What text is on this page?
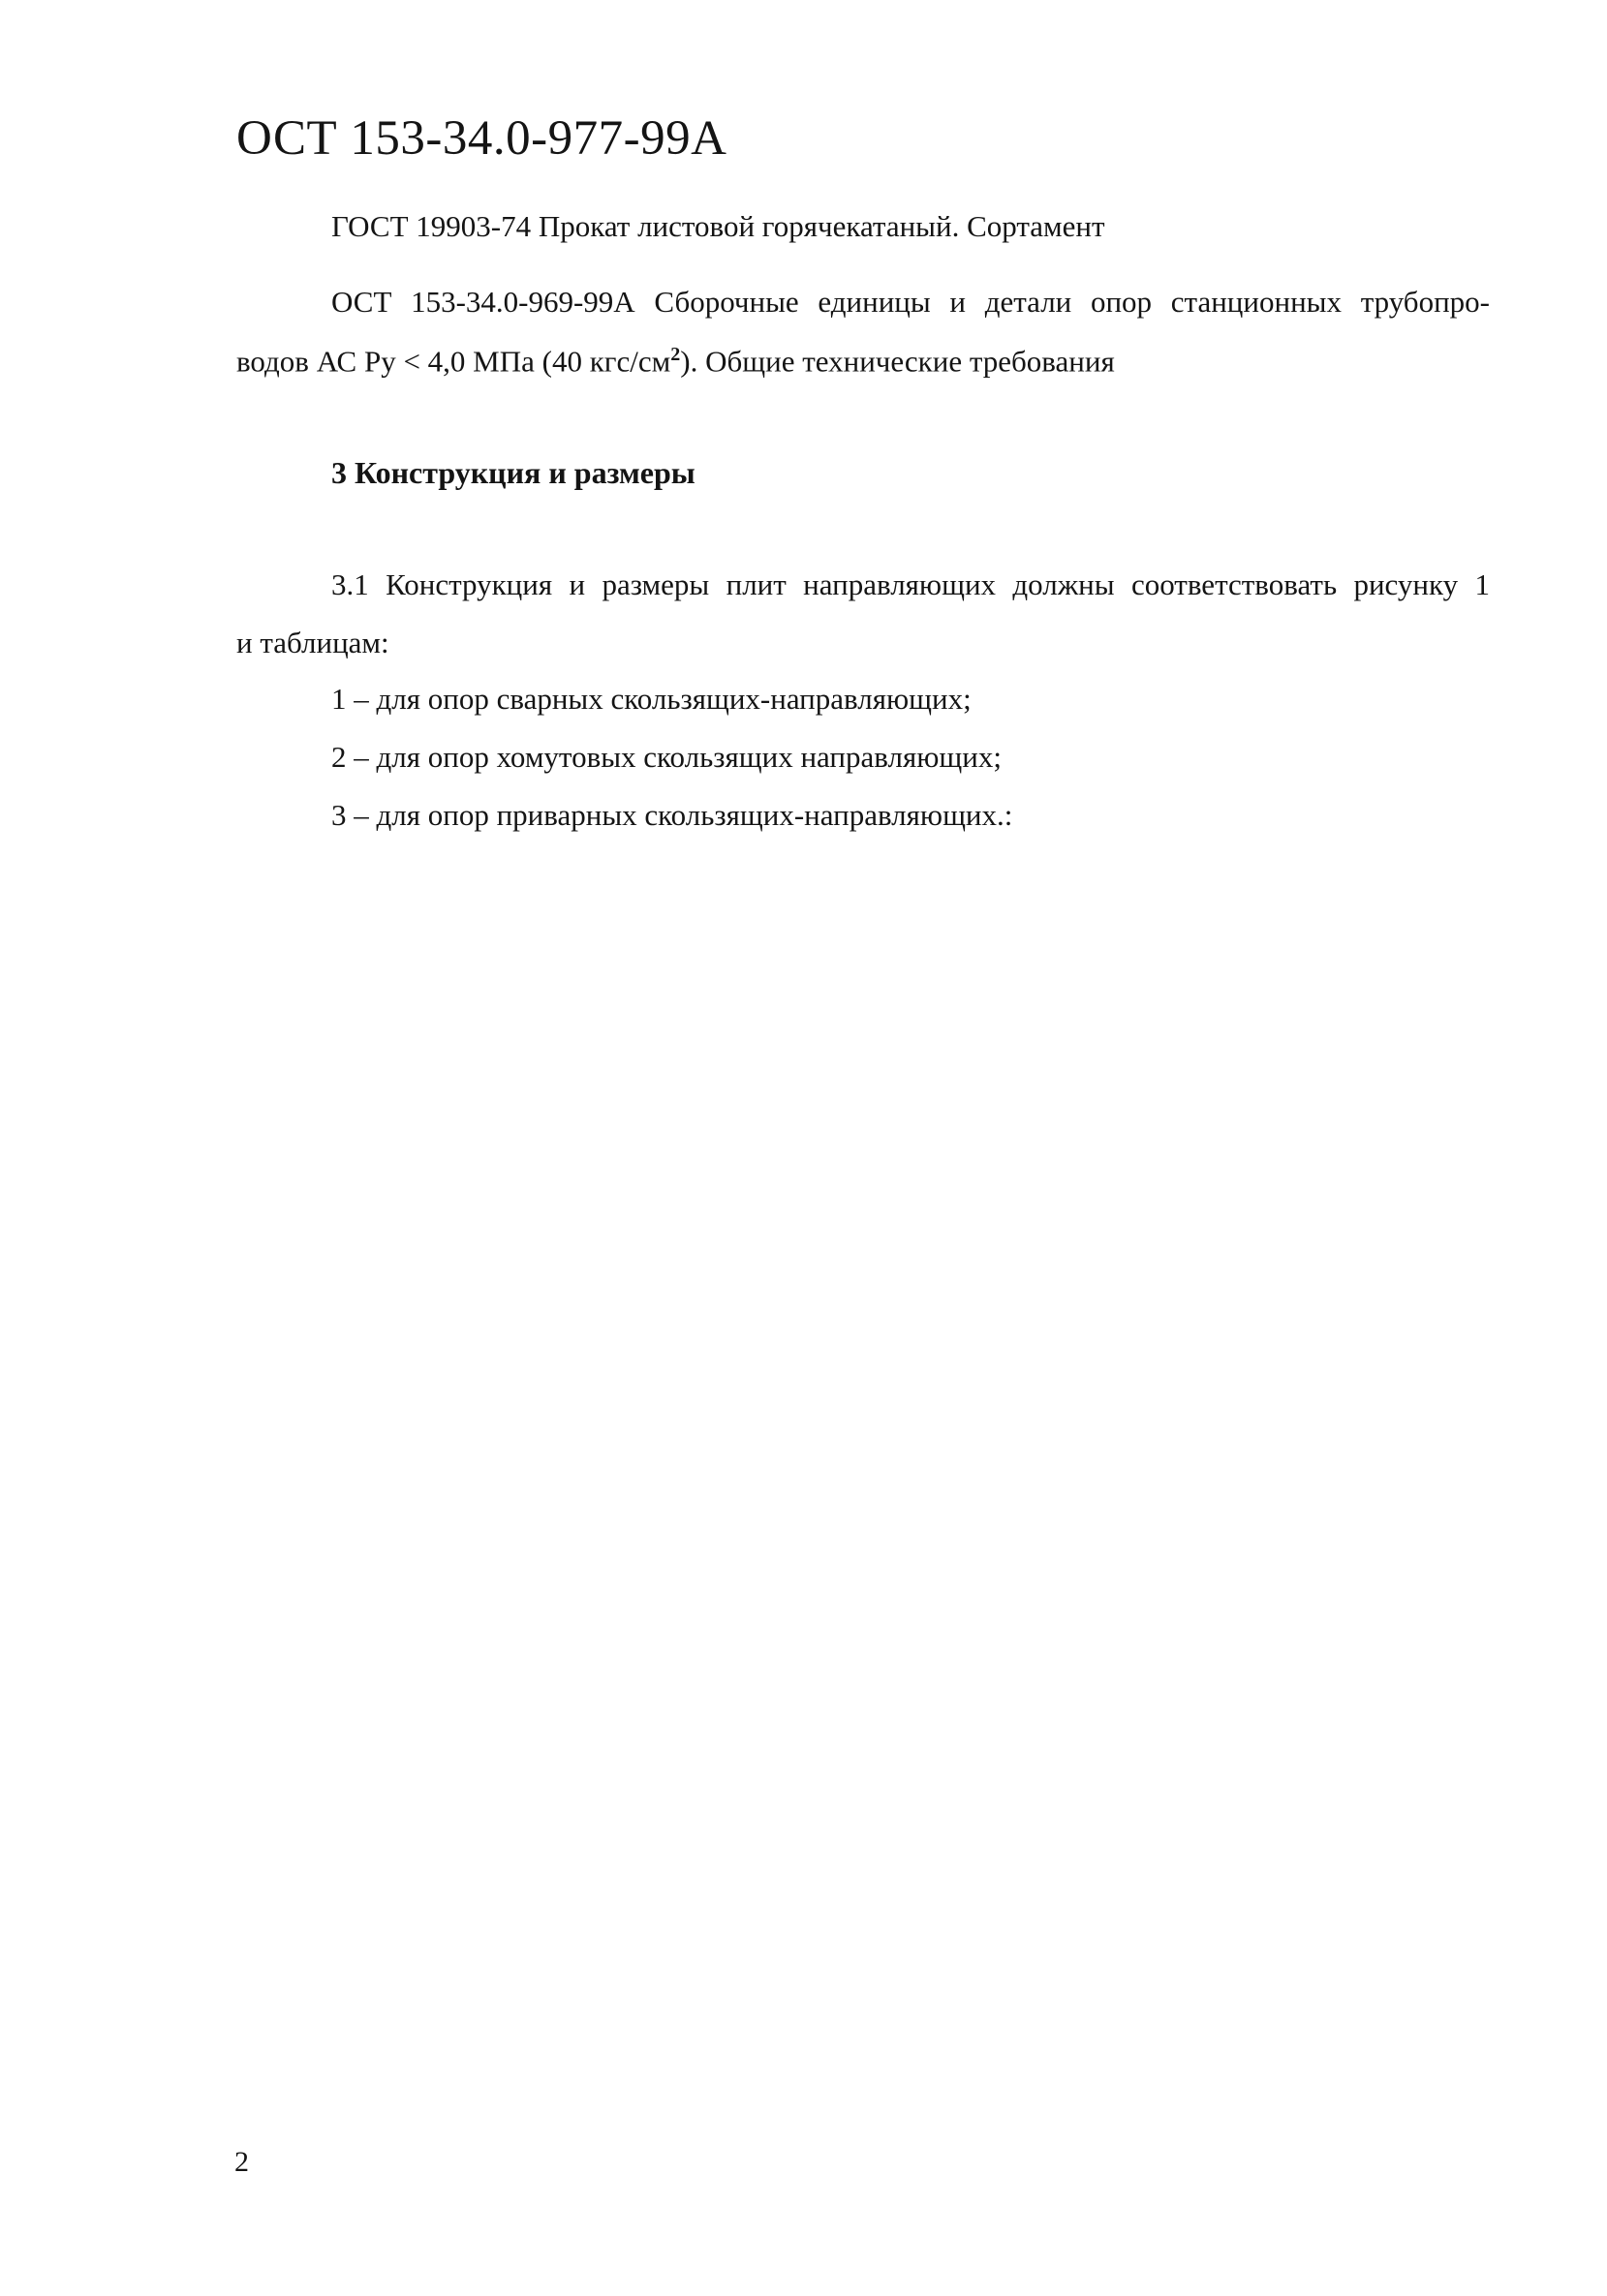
ОСТ 153-34.0-977-99А
ГОСТ 19903-74 Прокат листовой горячекатаный. Сортамент
ОСТ 153-34.0-969-99А Сборочные единицы и детали опор станционных трубопро-
водов АС Ру < 4,0 МПа (40 кгс/$см^2$). Общие технические требования
3 Конструкция и размеры
3.1 Конструкция и размеры плит направляющих должны соответствовать рисунку 1
и таблицам:
1 – для опор сварных скользящих-направляющих;
2 – для опор хомутовых скользящих направляющих;
3 – для опор приварных скользящих-направляющих.:
2
